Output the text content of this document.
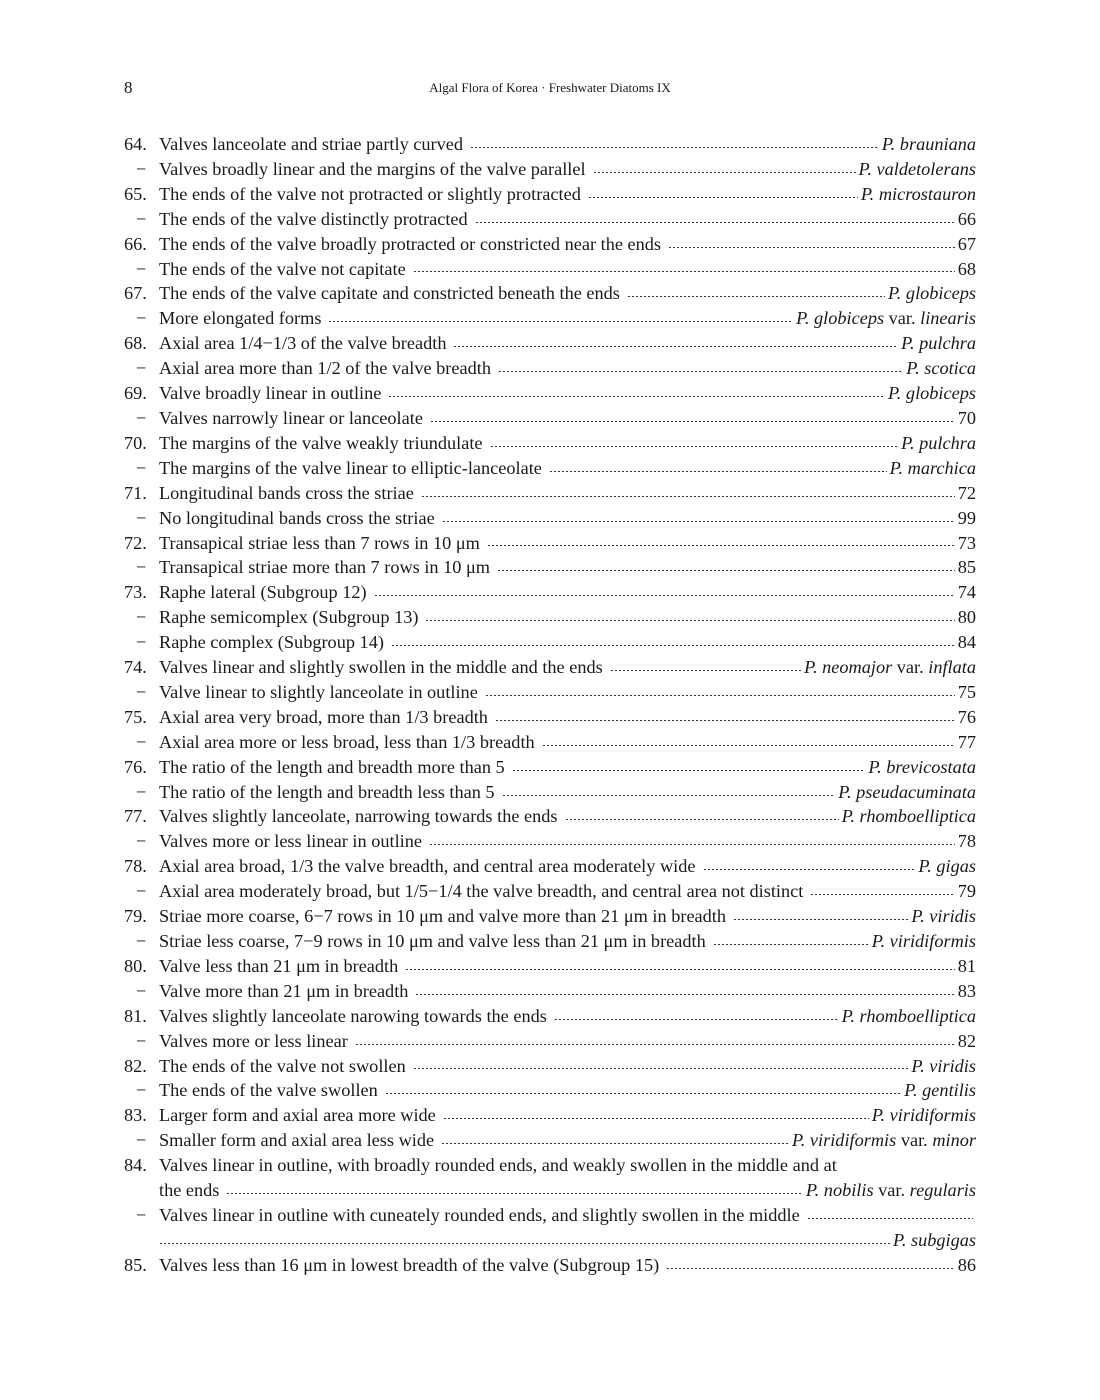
8	Algal Flora of Korea · Freshwater Diatoms IX
64. Valves lanceolate and striae partly curved	P. brauniana
− Valves broadly linear and the margins of the valve parallel	P. valdetolerans
65. The ends of the valve not protracted or slightly protracted	P. microstauron
− The ends of the valve distinctly protracted	66
66. The ends of the valve broadly protracted or constricted near the ends	67
− The ends of the valve not capitate	68
67. The ends of the valve capitate and constricted beneath the ends	P. globiceps
− More elongated forms	P. globiceps var. linearis
68. Axial area 1/4−1/3 of the valve breadth	P. pulchra
− Axial area more than 1/2 of the valve breadth	P. scotica
69. Valve broadly linear in outline	P. globiceps
− Valves narrowly linear or lanceolate	70
70. The margins of the valve weakly triundulate	P. pulchra
− The margins of the valve linear to elliptic-lanceolate	P. marchica
71. Longitudinal bands cross the striae	72
− No longitudinal bands cross the striae	99
72. Transapical striae less than 7 rows in 10 μm	73
− Transapical striae more than 7 rows in 10 μm	85
73. Raphe lateral (Subgroup 12)	74
− Raphe semicomplex (Subgroup 13)	80
− Raphe complex (Subgroup 14)	84
74. Valves linear and slightly swollen in the middle and the ends	P. neomajor var. inflata
− Valve linear to slightly lanceolate in outline	75
75. Axial area very broad, more than 1/3 breadth	76
− Axial area more or less broad, less than 1/3 breadth	77
76. The ratio of the length and breadth more than 5	P. brevicostata
− The ratio of the length and breadth less than 5	P. pseudacuminata
77. Valves slightly lanceolate, narrowing towards the ends	P. rhomboelliptica
− Valves more or less linear in outline	78
78. Axial area broad, 1/3 the valve breadth, and central area moderately wide	P. gigas
− Axial area moderately broad, but 1/5−1/4 the valve breadth, and central area not distinct	79
79. Striae more coarse, 6−7 rows in 10 μm and valve more than 21 μm in breadth	P. viridis
− Striae less coarse, 7−9 rows in 10 μm and valve less than 21 μm in breadth	P. viridiformis
80. Valve less than 21 μm in breadth	81
− Valve more than 21 μm in breadth	83
81. Valves slightly lanceolate narowing towards the ends	P. rhomboelliptica
− Valves more or less linear	82
82. The ends of the valve not swollen	P. viridis
− The ends of the valve swollen	P. gentilis
83. Larger form and axial area more wide	P. viridiformis
− Smaller form and axial area less wide	P. viridiformis var. minor
84. Valves linear in outline, with broadly rounded ends, and weakly swollen in the middle and at
the ends	P. nobilis var. regularis
− Valves linear in outline with cuneately rounded ends, and slightly swollen in the middle
P. subgigas
85. Valves less than 16 μm in lowest breadth of the valve (Subgroup 15)	86
